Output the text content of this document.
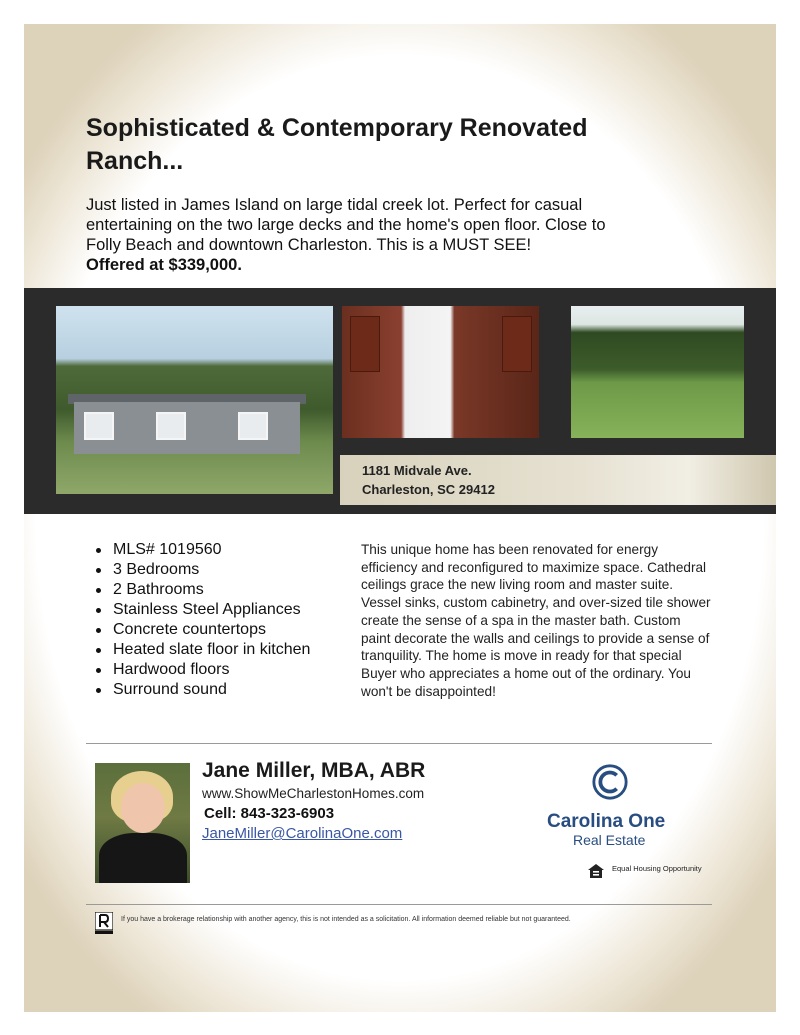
Sophisticated & Contemporary Renovated Ranch...
Just listed in James Island on large tidal creek lot. Perfect for casual entertaining on the two large decks and the home's open floor. Close to Folly Beach and downtown Charleston. This is a MUST SEE!
Offered at $339,000.
1181 Midvale Ave.
Charleston, SC 29412
MLS# 1019560
3 Bedrooms
2 Bathrooms
Stainless Steel Appliances
Concrete countertops
Heated slate floor in kitchen
Hardwood floors
Surround sound
This unique home has been renovated for energy efficiency and reconfigured to maximize space. Cathedral ceilings grace the new living room and master suite. Vessel sinks, custom cabinetry, and over-sized tile shower create the sense of a spa in the master bath. Custom paint decorate the walls and ceilings to provide a sense of tranquility. The home is move in ready for that special Buyer who appreciates a home out of the ordinary. You won't be disappointed!
Jane Miller, MBA, ABR
www.ShowMeCharlestonHomes.com
Cell: 843-323-6903
JaneMiller@CarolinaOne.com
Carolina One
Real Estate
Equal Housing Opportunity
If you have a brokerage relationship with another agency, this is not intended as a solicitation. All information deemed reliable but not guaranteed.
